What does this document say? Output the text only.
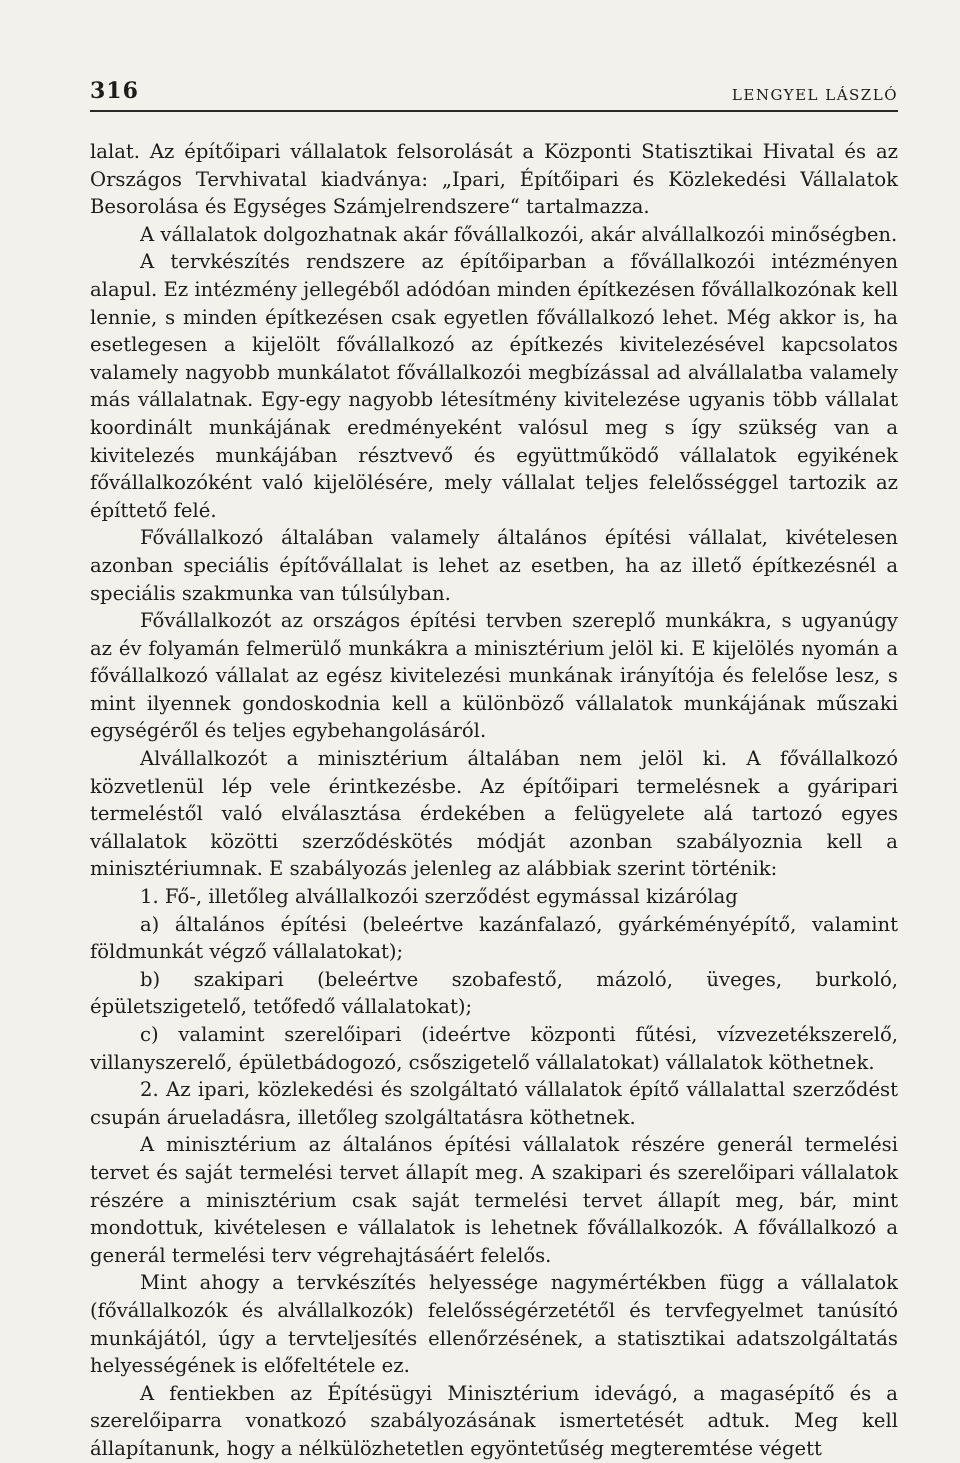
316	LENGYEL LÁSZLÓ

lalat. Az építőipari vállalatok felsorolását a Központi Statisztikai Hivatal és az Országos Tervhivatal kiadványa: „Ipari, Építőipari és Közlekedési Vállalatok Besorolása és Egységes Számjelrendszere“ tartalmazza.

A vállalatok dolgozhatnak akár fővállalkozói, akár alvállalkozói minőségben.

A tervkészítés rendszere az építőiparban a fővállalkozói intézményen alapul. Ez intézmény jellegéből adódóan minden építkezésen fővállalkozónak kell lennie, s minden építkezésen csak egyetlen fővállalkozó lehet. Még akkor is, ha esetlegesen a kijelölt fővállalkozó az építkezés kivitelezésével kapcsolatos valamely nagyobb munkálatot fővállalkozói megbízással ad alvállalatba valamely más vállalatnak. Egy-egy nagyobb létesítmény kivitelezése ugyanis több vállalat koordinált munkájának eredményeként valósul meg s így szükség van a kivitelezés munkájában résztvevő és együttműködő vállalatok egyikének fővállalkozóként való kijelölésére, mely vállalat teljes felelősséggel tartozik az építtető felé.

Fővállalkozó általában valamely általános építési vállalat, kivételesen azonban speciális építővállalat is lehet az esetben, ha az illető építkezésnél a speciális szakmunka van túlsúlyban.

Fővállalkozót az országos építési tervben szereplő munkákra, s ugyanúgy az év folyamán felmerülő munkákra a minisztérium jelöl ki. E kijelölés nyomán a fővállalkozó vállalat az egész kivitelezési munkának irányítója és felelőse lesz, s mint ilyennek gondoskodnia kell a különböző vállalatok munkájának műszaki egységéről és teljes egybehangolásáról.

Alvállalkozót a minisztérium általában nem jelöl ki. A fővállalkozó közvetlenül lép vele érintkezésbe. Az építőipari termelésnek a gyáripari termeléstől való elválasztása érdekében a felügyelete alá tartozó egyes vállalatok közötti szerződéskötés módját azonban szabályoznia kell a minisztériumnak. E szabályozás jelenleg az alábbiak szerint történik:

1. Fő-, illetőleg alvállalkozói szerződést egymással kizárólag

a) általános építési (beleértve kazánfalazó, gyárkéményépítő, valamint földmunkát végző vállalatokat);

b) szakipari (beleértve szobafestő, mázoló, üveges, burkoló, épületszigetelő, tetőfedő vállalatokat);

c) valamint szerelőipari (ideértve központi fűtési, vízvezetékszerelő, villanyszerelő, épületbádogozó, csőszigetelő vállalatokat) vállalatok köthetnek.

2. Az ipari, közlekedési és szolgáltató vállalatok építő vállalattal szerződést csupán árueladásra, illetőleg szolgáltatásra köthetnek.

A minisztérium az általános építési vállalatok részére generál termelési tervet és saját termelési tervet állapít meg. A szakipari és szerelőipari vállalatok részére a minisztérium csak saját termelési tervet állapít meg, bár, mint mondottuk, kivételesen e vállalatok is lehetnek fővállalkozók. A fővállalkozó a generál termelési terv végrehajtásáért felelős.

Mint ahogy a tervkészítés helyessége nagymértékben függ a vállalatok (fővállalkozók és alvállalkozók) felelősségérzetétől és tervfegyelmet tanúsító munkájától, úgy a tervteljesítés ellenőrzésének, a statisztikai adatszolgáltatás helyességének is előfeltétele ez.

A fentiekben az Építésügyi Minisztérium idevágó, a magasépítő és a szerelőiparra vonatkozó szabályozásának ismertetését adtuk. Meg kell állapítanunk, hogy a nélkülözhetetlen egyöntetűség megteremtése végett
